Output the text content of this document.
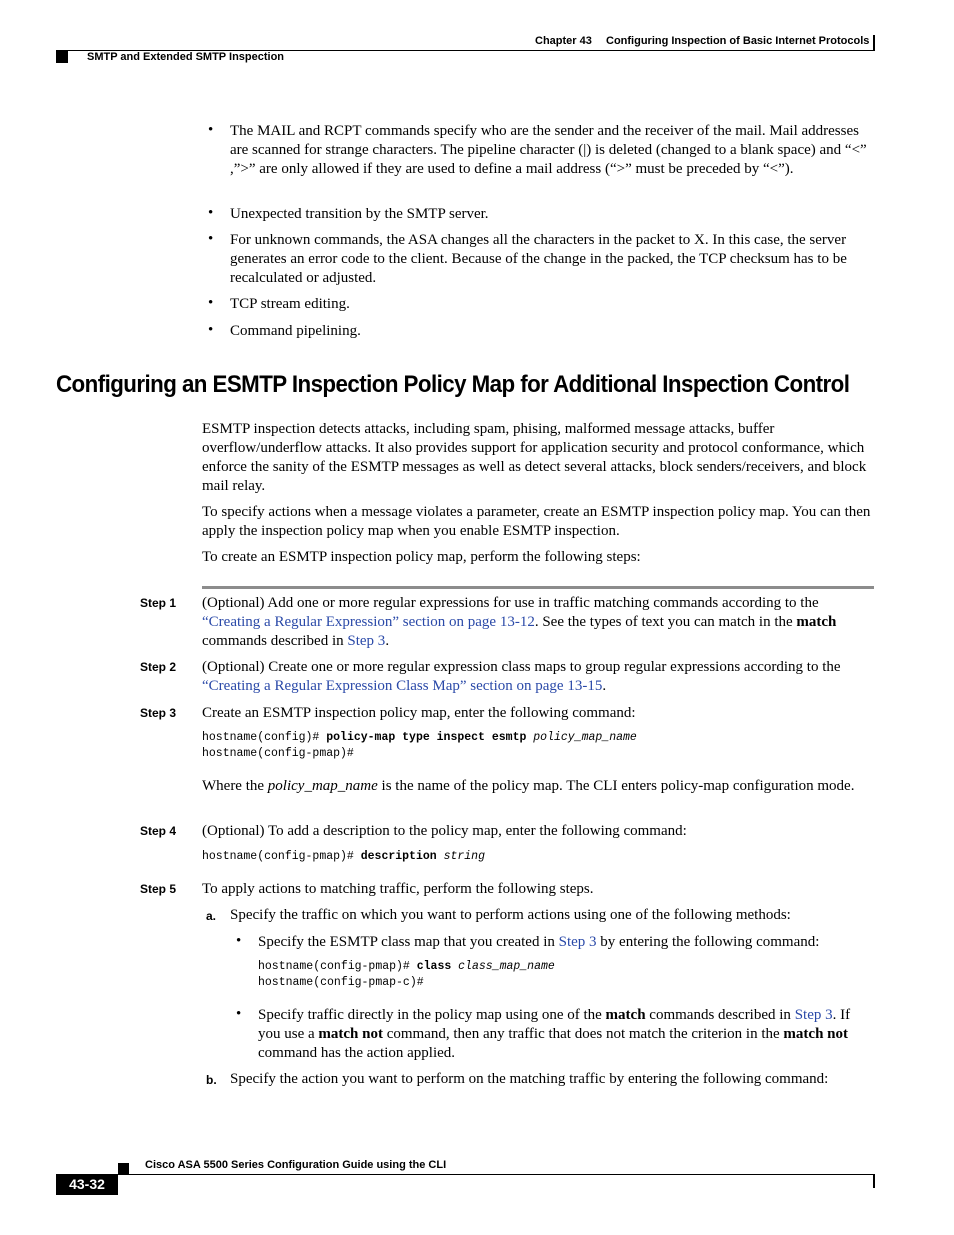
Chapter 43 Configuring Inspection of Basic Internet Protocols
SMTP and Extended SMTP Inspection
• The MAIL and RCPT commands specify who are the sender and the receiver of the mail. Mail addresses are scanned for strange characters. The pipeline character (|) is deleted (changed to a blank space) and “<” ,”>” are only allowed if they are used to define a mail address (“>” must be preceded by “<”).
• Unexpected transition by the SMTP server.
• For unknown commands, the ASA changes all the characters in the packet to X. In this case, the server generates an error code to the client. Because of the change in the packed, the TCP checksum has to be recalculated or adjusted.
• TCP stream editing.
• Command pipelining.
Configuring an ESMTP Inspection Policy Map for Additional Inspection Control
ESMTP inspection detects attacks, including spam, phising, malformed message attacks, buffer overflow/underflow attacks. It also provides support for application security and protocol conformance, which enforce the sanity of the ESMTP messages as well as detect several attacks, block senders/receivers, and block mail relay.
To specify actions when a message violates a parameter, create an ESMTP inspection policy map. You can then apply the inspection policy map when you enable ESMTP inspection.
To create an ESMTP inspection policy map, perform the following steps:
Step 1 (Optional) Add one or more regular expressions for use in traffic matching commands according to the “Creating a Regular Expression” section on page 13-12. See the types of text you can match in the match commands described in Step 3.
Step 2 (Optional) Create one or more regular expression class maps to group regular expressions according to the “Creating a Regular Expression Class Map” section on page 13-15.
Step 3 Create an ESMTP inspection policy map, enter the following command:
hostname(config)# policy-map type inspect esmtp policy_map_name
hostname(config-pmap)#
Where the policy_map_name is the name of the policy map. The CLI enters policy-map configuration mode.
Step 4 (Optional) To add a description to the policy map, enter the following command:
hostname(config-pmap)# description string
Step 5 To apply actions to matching traffic, perform the following steps.
a. Specify the traffic on which you want to perform actions using one of the following methods:
• Specify the ESMTP class map that you created in Step 3 by entering the following command:
hostname(config-pmap)# class class_map_name
hostname(config-pmap-c)#
• Specify traffic directly in the policy map using one of the match commands described in Step 3. If you use a match not command, then any traffic that does not match the criterion in the match not command has the action applied.
b. Specify the action you want to perform on the matching traffic by entering the following command:
Cisco ASA 5500 Series Configuration Guide using the CLI
43-32
